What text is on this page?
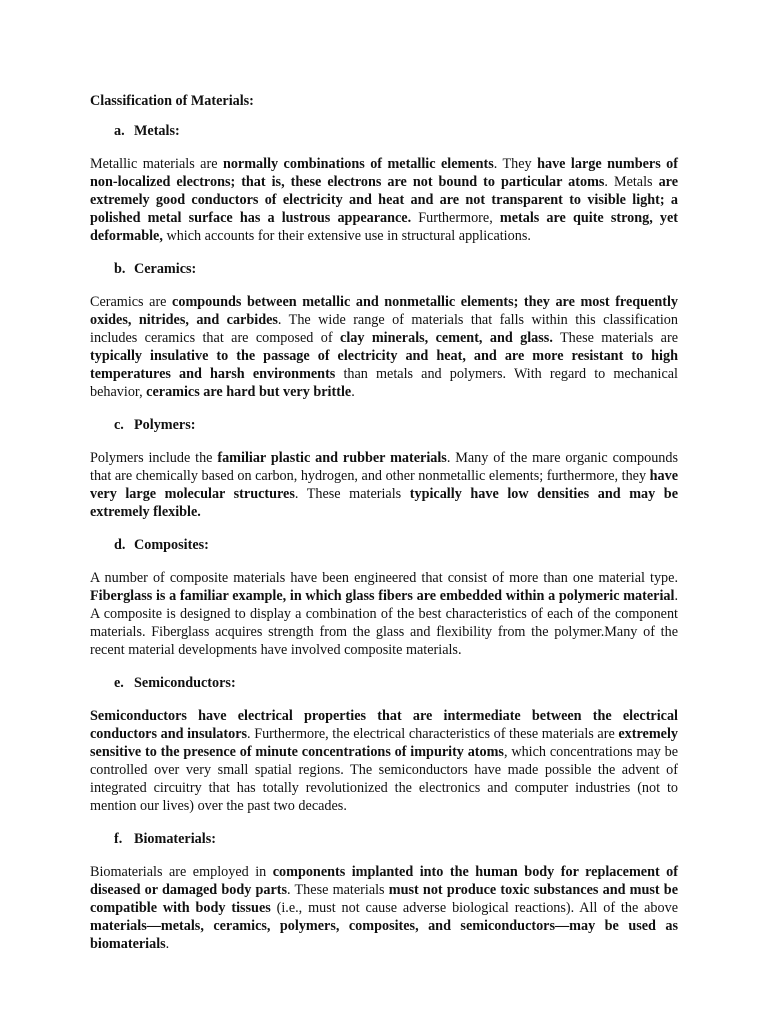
Classification of Materials:
a. Metals:

Metallic materials are normally combinations of metallic elements. They have large numbers of non-localized electrons; that is, these electrons are not bound to particular atoms. Metals are extremely good conductors of electricity and heat and are not transparent to visible light; a polished metal surface has a lustrous appearance. Furthermore, metals are quite strong, yet deformable, which accounts for their extensive use in structural applications.

b. Ceramics:

Ceramics are compounds between metallic and nonmetallic elements; they are most frequently oxides, nitrides, and carbides. The wide range of materials that falls within this classification includes ceramics that are composed of clay minerals, cement, and glass. These materials are typically insulative to the passage of electricity and heat, and are more resistant to high temperatures and harsh environments than metals and polymers. With regard to mechanical behavior, ceramics are hard but very brittle.

c. Polymers:

Polymers include the familiar plastic and rubber materials. Many of the mare organic compounds that are chemically based on carbon, hydrogen, and other nonmetallic elements; furthermore, they have very large molecular structures. These materials typically have low densities and may be extremely flexible.

d. Composites:

A number of composite materials have been engineered that consist of more than one material type. Fiberglass is a familiar example, in which glass fibers are embedded within a polymeric material. A composite is designed to display a combination of the best characteristics of each of the component materials. Fiberglass acquires strength from the glass and flexibility from the polymer.Many of the recent material developments have involved composite materials.

e. Semiconductors:

Semiconductors have electrical properties that are intermediate between the electrical conductors and insulators. Furthermore, the electrical characteristics of these materials are extremely sensitive to the presence of minute concentrations of impurity atoms, which concentrations may be controlled over very small spatial regions. The semiconductors have made possible the advent of integrated circuitry that has totally revolutionized the electronics and computer industries (not to mention our lives) over the past two decades.

f. Biomaterials:

Biomaterials are employed in components implanted into the human body for replacement of diseased or damaged body parts. These materials must not produce toxic substances and must be compatible with body tissues (i.e., must not cause adverse biological reactions). All of the above materials—metals, ceramics, polymers, composites, and semiconductors—may be used as biomaterials.
